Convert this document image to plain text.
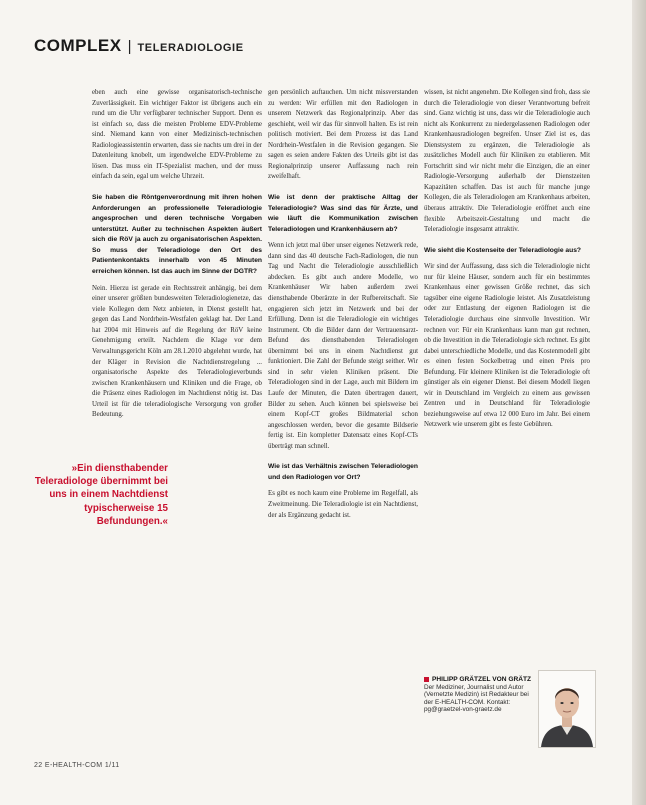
COMPLEX | TELERADIOLOGIE

eben auch eine gewisse organisatorisch-technische Zuverlässigkeit. Ein wichtiger Faktor ist übrigens auch ein rund um die Uhr verfügbarer technischer Support. Denn es ist einfach so, dass die meisten Probleme EDV-Probleme sind. Niemand kann von einer Medizinisch-technischen Radiologieassistentin erwarten, dass sie nachts um drei in der Datenleitung knobelt, um irgendwelche EDV-Probleme zu lösen. Das muss ein IT-Spezialist machen, und der muss einfach da sein, egal um welche Uhrzeit.

Sie haben die Röntgenverordnung mit ihren hohen Anforderungen an professionelle Teleradiologie angesprochen und deren technische Vorgaben unterstützt. Außer zu technischen Aspekten äußert sich die RöV ja auch zu organisatorischen Aspekten. So muss der Teleradiologe den Ort des Patientenkontakts innerhalb von 45 Minuten erreichen können. Ist das auch im Sinne der DGTR?

Nein. Hierzu ist gerade ein Rechtsstreit anhängig, bei dem einer unserer größten bundesweiten Teleradiologienetze, das viele Kollegen dem Netz anbieten, in Dienst gestellt hat, gegen das Land Nordrhein-Westfalen geklagt hat. Der Land hat 2004 mit Hinweis auf die Regelung der RöV keine Genehmigung erteilt. Nachdem die Klage vor dem Verwaltungsgericht Köln am 28.1.2010 abgelehnt wurde, hat der Kläger in Revision die Nachtdienstregelung ... organisatorische Aspekte des Teleradiologieverbunds zwischen Krankenhäusern und Kliniken und die Frage, ob die Präsenz eines Radiologen im Nachtdienst nötig ist. Das Urteil ist für die teleradiologische Versorgung von großer Bedeutung.

gen persönlich auftauchen. Um nicht missverstanden zu werden: Wir erfüllen mit den Radiologen in unserem Netzwerk das Regionalprinzip. Aber das geschieht, weil wir das für sinnvoll halten. Es ist rein politisch motiviert. Bei dem Prozess ist das Land Nordrhein-Westfalen in die Revision gegangen. Sie sagen es seien andere Fakten des Urteils gibt ist das Regionalprinzip unserer Auffassung nach rein zweifelhaft.

Wie ist denn der praktische Alltag der Teleradiologie? Was sind das für Ärzte, und wie läuft die Kommunikation zwischen Teleradiologen und Krankenhäusern ab?

Wenn ich jetzt mal über unser eigenes Netzwerk rede, dann sind das 40 deutsche Fach-Radiologen, die nun Tag und Nacht die Teleradiologie ausschließlich abdecken. Es gibt auch andere Modelle, wo Krankenhäuser Wir haben außerdem zwei diensthabende Oberärzte in der Rufbereitschaft. Sie engagieren sich jetzt im Netzwerk und bei der Erfüllung. Denn ist die Teleradiologie ein wichtiges Instrument. Ob die Bilder dann der Vertrauensarzt-Befund des diensthabenden Teleradiologen übernimmt bei uns in einem Nachtdienst gut funktioniert. Die Zahl der Befunde steigt seither. Wir sind in sehr vielen Kliniken präsent. Die Teleradiologen sind in der Lage, auch mit Bildern im Laufe der Minuten, die Daten übertragen dauert, Bilder zu sehen. Auch können bei spielsweise bei einem Kopf-CT großes Bildmaterial schon angeschlossen werden, bevor die gesamte Bildserie fertig ist. Ein kompletter Datensatz eines Kopf-CTs überträgt man schnell.

Wie ist das Verhältnis zwischen Teleradiologen und den Radiologen vor Ort?

Es gibt es noch kaum eine Probleme im Regelfall, als Zweitmeinung. Die Teleradiologie ist ein Nachtdienst, der als Ergänzung gedacht ist.

wissen, ist nicht angenehm. Die Kollegen sind froh, dass sie durch die Teleradiologie von dieser Verantwortung befreit sind. Ganz wichtig ist uns, dass wir die Teleradiologie auch nicht als Konkurrenz zu niedergelassenen Radiologen oder Krankenhausradiologen begreifen. Unser Ziel ist es, das Dienstsystem zu ergänzen, die Teleradiologie als zusätzliches Modell auch für Kliniken zu etablieren. Mit Fortschritt sind wir nicht mehr die Einzigen, die an einer Radiologie-Versorgung außerhalb der Dienstzeiten Kapazitäten schaffen. Das ist auch für manche junge Kollegen, die als Teleradiologen am Krankenhaus arbeiten, überaus attraktiv. Die Teleradiologie eröffnet auch eine flexible Arbeitszeit-Gestaltung und macht die Teleradiologie insgesamt attraktiv.

Wie sieht die Kostenseite der Teleradiologie aus?

Wir sind der Auffassung, dass sich die Teleradiologie nicht nur für kleine Häuser, sondern auch für ein bestimmtes Krankenhaus einer gewissen Größe rechnet, das sich tagsüber eine eigene Radiologie leistet. Als Zusatzleistung oder zur Entlastung der eigenen Radiologen ist die Teleradiologie durchaus eine sinnvolle Investition. Wir rechnen vor: Für ein Krankenhaus kann man gut rechnen, ob die Investition in die Teleradiologie sich rechnet. Es gibt dabei unterschiedliche Modelle, und das Kostenmodell gibt es einen festen Sockelbetrag und einen Preis pro Befundung. Für kleinere Kliniken ist die Teleradiologie oft günstiger als ein eigener Dienst. Bei diesem Modell liegen wir in Deutschland im Vergleich zu einem aus gewissen Zentren und in Deutschland für Teleradiologie beziehungsweise auf etwa 12 000 Euro im Jahr. Bei einem Netzwerk wie unserem gibt es feste Gebühren.

»Ein diensthabender Teleradiologe übernimmt bei uns in einem Nachtdienst typischerweise 15 Befundungen.«
PHILIPP GRÄTZEL VON GRÄTZ
Der Mediziner, Journalist und Autor (Vernetzte Medizin) ist Redakteur bei der E-HEALTH-COM. Kontakt: pg@graetzel-von-graetz.de
22 E-HEALTH-COM 1/11
